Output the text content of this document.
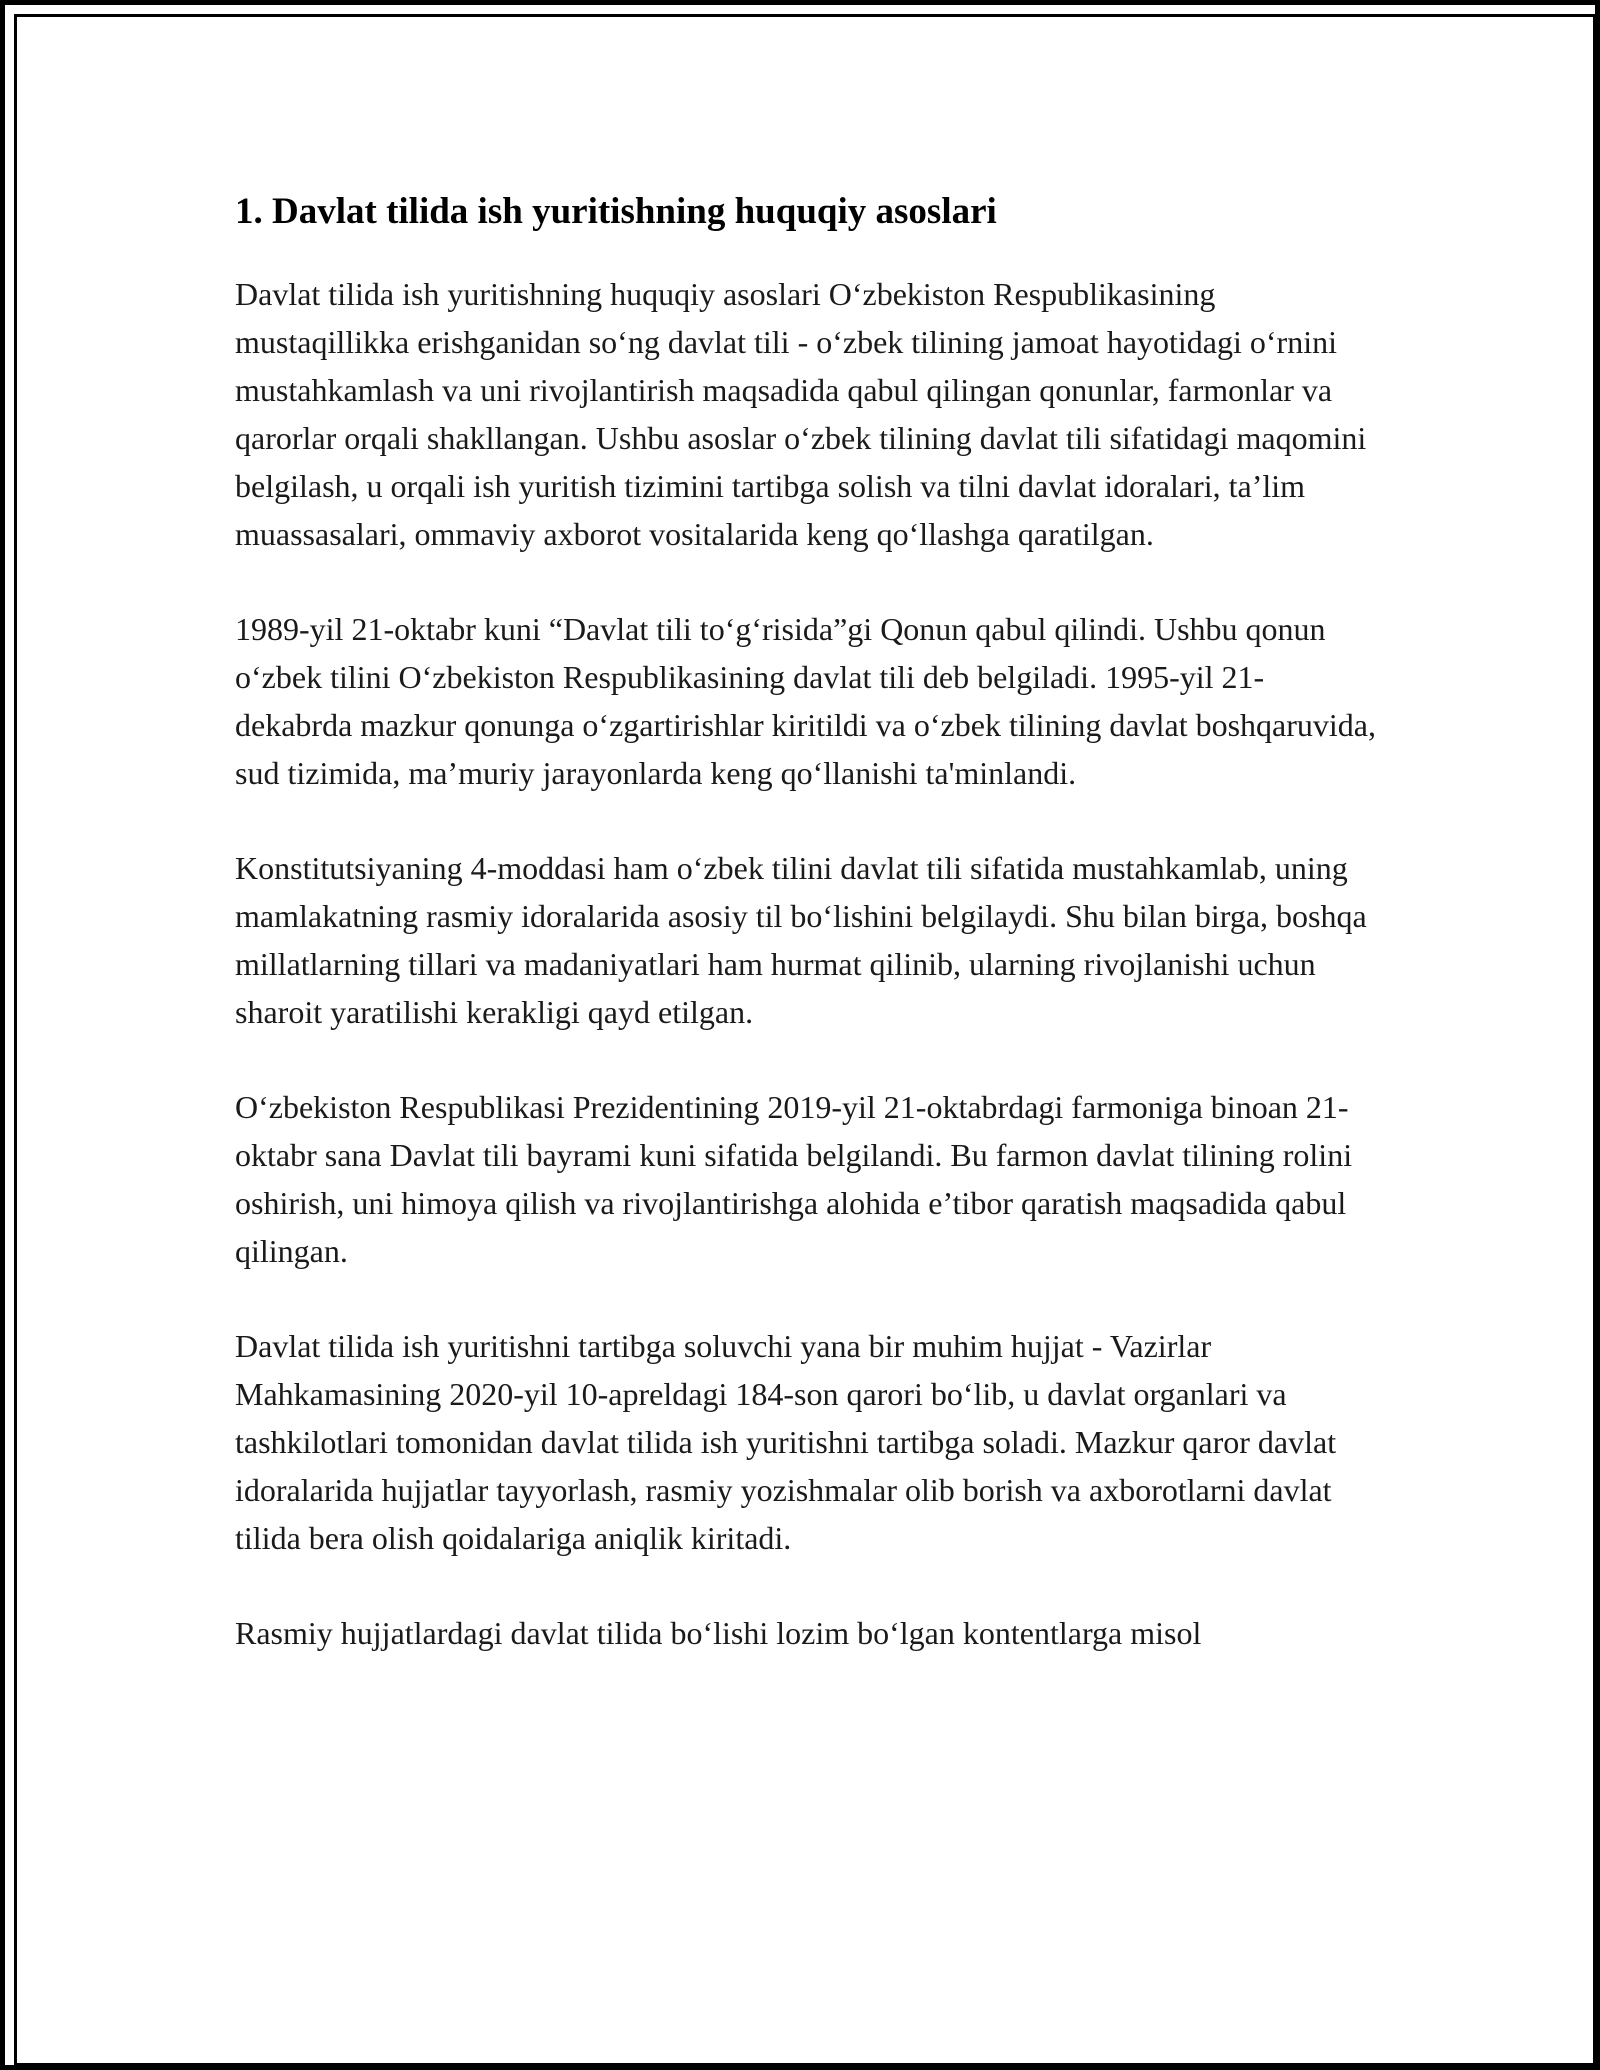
1. Davlat tilida ish yuritishning huquqiy asoslari

Davlat tilida ish yuritishning huquqiy asoslari O‘zbekiston Respublikasining mustaqillikka erishganidan so‘ng davlat tili - o‘zbek tilining jamoat hayotidagi o‘rnini mustahkamlash va uni rivojlantirish maqsadida qabul qilingan qonunlar, farmonlar va qarorlar orqali shakllangan. Ushbu asoslar o‘zbek tilining davlat tili sifatidagi maqomini belgilash, u orqali ish yuritish tizimini tartibga solish va tilni davlat idoralari, ta’lim muassasalari, ommaviy axborot vositalarida keng qo‘llashga qaratilgan.

1989-yil 21-oktabr kuni “Davlat tili to‘g‘risida”gi Qonun qabul qilindi. Ushbu qonun o‘zbek tilini O‘zbekiston Respublikasining davlat tili deb belgiladi. 1995-yil 21-dekabrda mazkur qonunga o‘zgartirishlar kiritildi va o‘zbek tilining davlat boshqaruvida, sud tizimida, ma’muriy jarayonlarda keng qo‘llanishi ta'minlandi.

Konstitutsiyaning 4-moddasi ham o‘zbek tilini davlat tili sifatida mustahkamlab, uning mamlakatning rasmiy idoralarida asosiy til bo‘lishini belgilaydi. Shu bilan birga, boshqa millatlarning tillari va madaniyatlari ham hurmat qilinib, ularning rivojlanishi uchun sharoit yaratilishi kerakligi qayd etilgan.

O‘zbekiston Respublikasi Prezidentining 2019-yil 21-oktabrdagi farmoniga binoan 21-oktabr sana Davlat tili bayrami kuni sifatida belgilandi. Bu farmon davlat tilining rolini oshirish, uni himoya qilish va rivojlantirishga alohida e’tibor qaratish maqsadida qabul qilingan.

Davlat tilida ish yuritishni tartibga soluvchi yana bir muhim hujjat - Vazirlar Mahkamasining 2020-yil 10-apreldagi 184-son qarori bo‘lib, u davlat organlari va tashkilotlari tomonidan davlat tilida ish yuritishni tartibga soladi. Mazkur qaror davlat idoralarida hujjatlar tayyorlash, rasmiy yozishmalar olib borish va axborotlarni davlat tilida bera olish qoidalariga aniqlik kiritadi.

Rasmiy hujjatlardagi davlat tilida bo‘lishi lozim bo‘lgan kontentlarga misol
